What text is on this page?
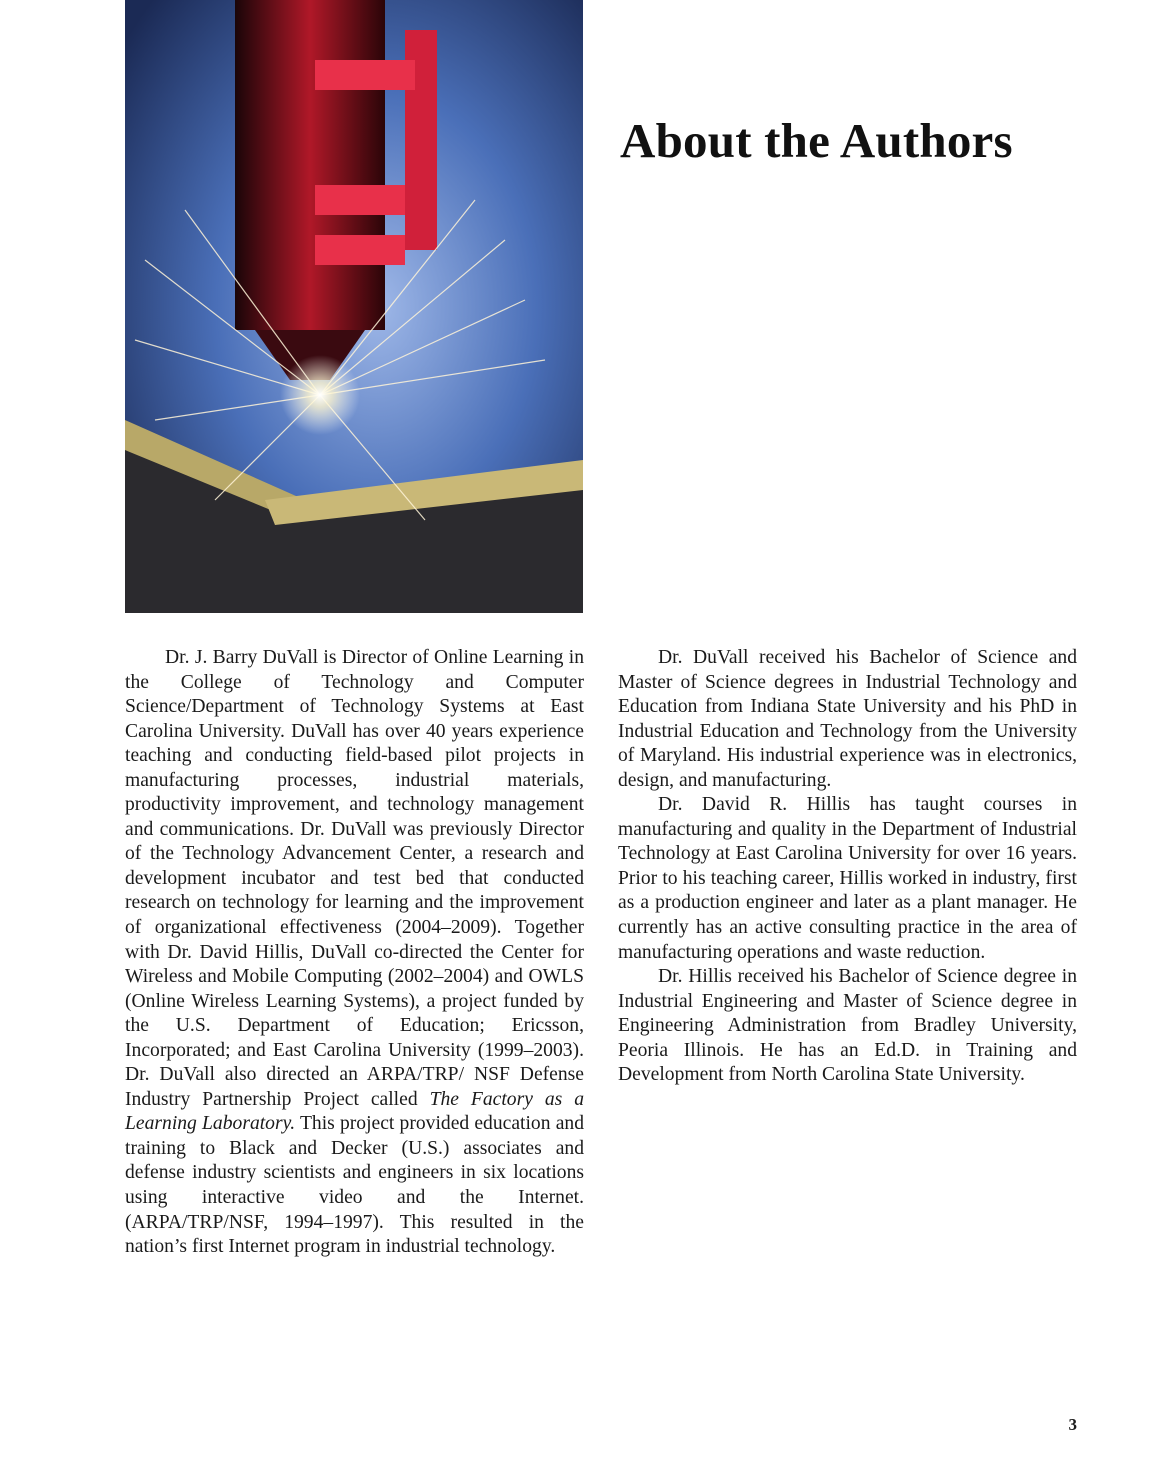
About the Authors

Dr. J. Barry DuVall is Director of Online Learning in the College of Technology and Computer Science/Department of Technology Systems at East Carolina University. DuVall has over 40 years experience teaching and conducting field-based pilot projects in manufacturing processes, industrial materials, productivity improvement, and technology management and communications. Dr. DuVall was previously Director of the Technology Advancement Center, a research and development incubator and test bed that conducted research on technology for learning and the improvement of organizational effectiveness (2004–2009). Together with Dr. David Hillis, DuVall co-directed the Center for Wireless and Mobile Computing (2002–2004) and OWLS (Online Wireless Learning Systems), a project funded by the U.S. Department of Education; Ericsson, Incorporated; and East Carolina University (1999–2003). Dr. DuVall also directed an ARPA/TRP/ NSF Defense Industry Partnership Project called The Factory as a Learning Laboratory. This project provided education and training to Black and Decker (U.S.) associates and defense industry scientists and engineers in six locations using interactive video and the Internet. (ARPA/TRP/NSF, 1994–1997). This resulted in the nation’s first Internet program in industrial technology.

Dr. DuVall received his Bachelor of Science and Master of Science degrees in Industrial Technology and Education from Indiana State University and his PhD in Industrial Education and Technology from the University of Maryland. His industrial experience was in electronics, design, and manufacturing.

Dr. David R. Hillis has taught courses in manufacturing and quality in the Department of Industrial Technology at East Carolina University for over 16 years. Prior to his teaching career, Hillis worked in industry, first as a production engineer and later as a plant manager. He currently has an active consulting practice in the area of manufacturing operations and waste reduction.

Dr. Hillis received his Bachelor of Science degree in Industrial Engineering and Master of Science degree in Engineering Administration from Bradley University, Peoria Illinois. He has an Ed.D. in Training and Development from North Carolina State University.

3
